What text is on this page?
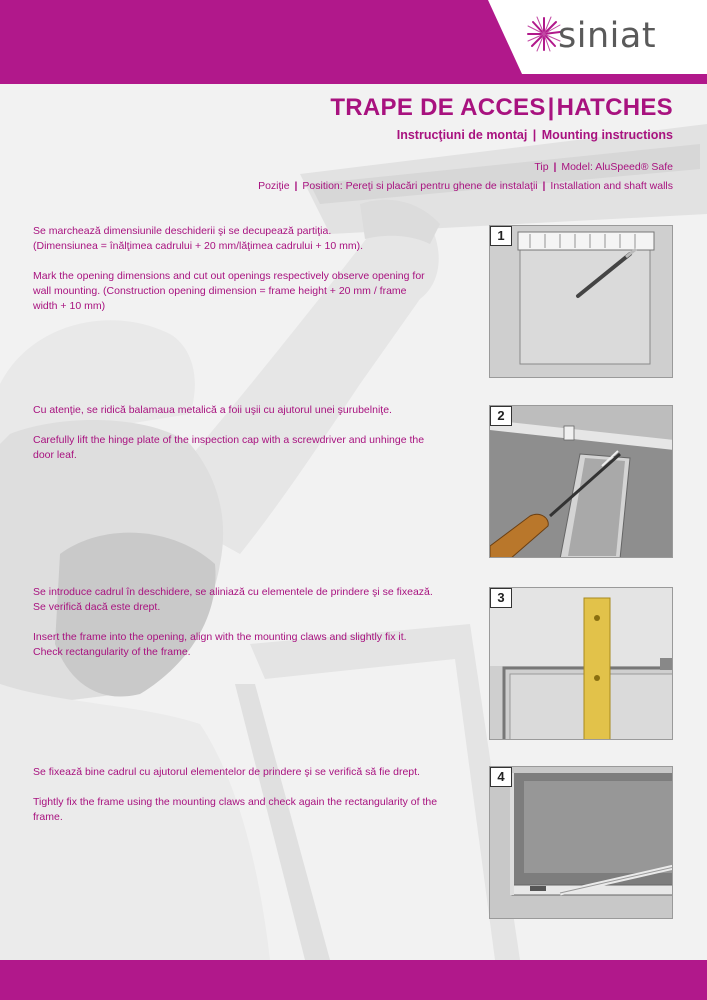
siniat
TRAPE DE ACCES|HATCHES
Instrucţiuni de montaj | Mounting instructions
Tip | Model: AluSpeed® Safe
Poziţie | Position: Pereţi si placări pentru ghene de instalaţii | Installation and shaft walls

Se marchează dimensiunile deschiderii şi se decupează partiţia.
(Dimensiunea = înălţimea cadrului + 20 mm/lăţimea cadrului + 10 mm).

Mark the opening dimensions and cut out openings respectively observe opening for
wall mounting. (Construction opening dimension = frame height + 20 mm / frame
width + 10 mm)

1

Cu atenţie, se ridică balamaua metalică a foii uşii cu ajutorul unei şurubelniţe.

Carefully lift the hinge plate of the inspection cap with a screwdriver and unhinge the
door leaf.

2

Se introduce cadrul în deschidere, se aliniază cu elementele de prindere şi se fixează.
Se verifică dacă este drept.

Insert the frame into the opening, align with the mounting claws and slightly fix it.
Check rectangularity of the frame.

3

Se fixează bine cadrul cu ajutorul elementelor de prindere şi se verifică să fie drept.

Tightly fix the frame using the mounting claws and check again the rectangularity of the
frame.

4
